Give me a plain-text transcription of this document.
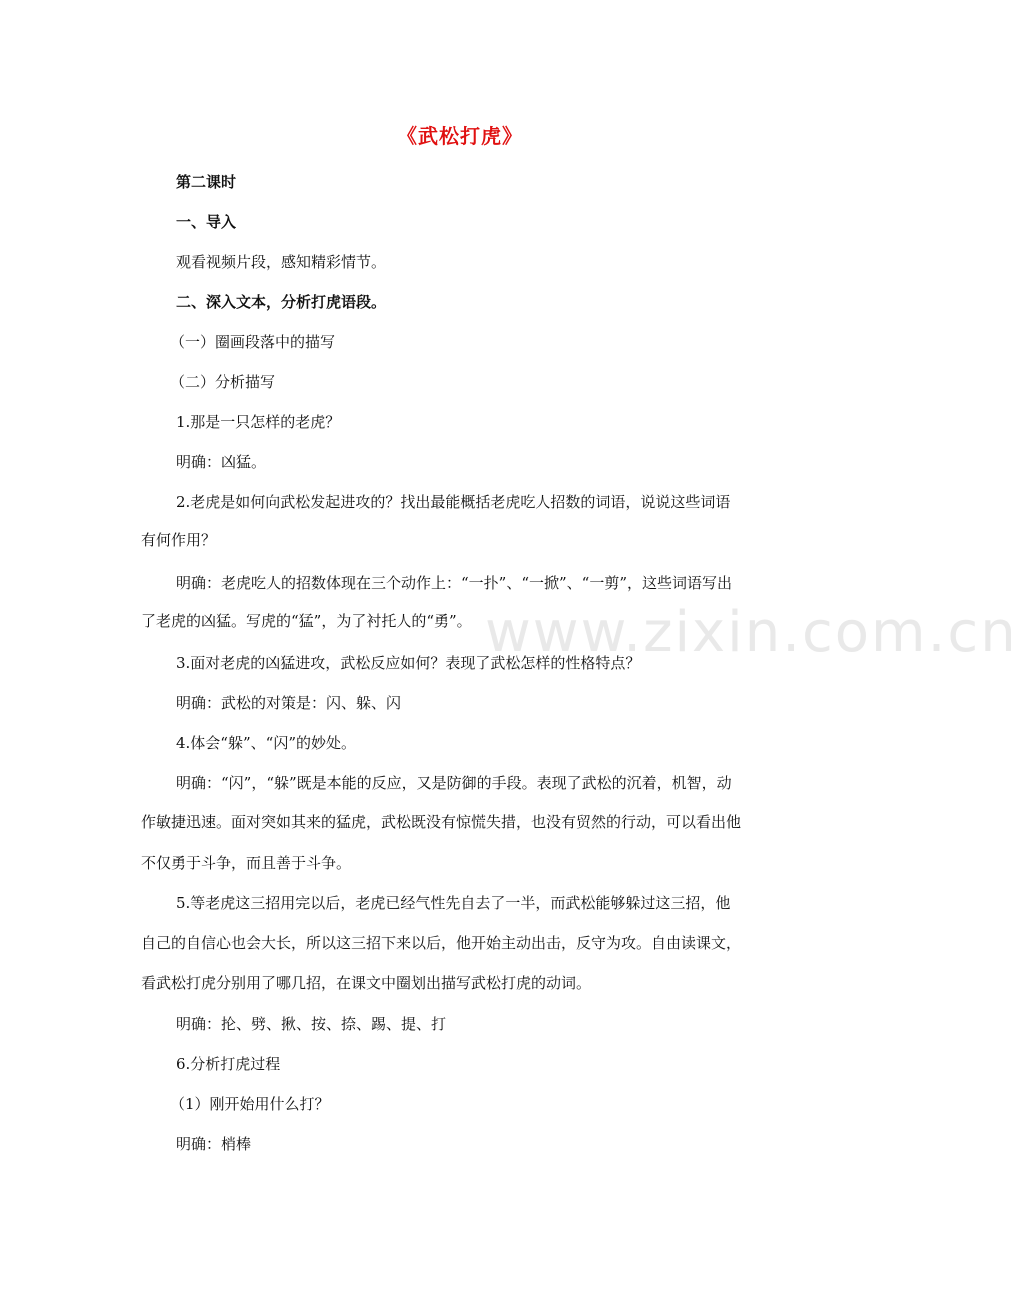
www.zixin.com.cn
《武松打虎》
第二课时
一、导入
观看视频片段，感知精彩情节。
二、深入文本，分析打虎语段。
（一）圈画段落中的描写
（二）分析描写
1.那是一只怎样的老虎？
明确：凶猛。
2.老虎是如何向武松发起进攻的？找出最能概括老虎吃人招数的词语，说说这些词语
有何作用？
明确：老虎吃人的招数体现在三个动作上：“一扑”、“一掀”、“一剪”，这些词语写出
了老虎的凶猛。写虎的“猛”，为了衬托人的“勇”。
3.面对老虎的凶猛进攻，武松反应如何？表现了武松怎样的性格特点？
明确：武松的对策是：闪、躲、闪
4.体会“躲”、“闪”的妙处。
明确：“闪”，“躲”既是本能的反应，又是防御的手段。表现了武松的沉着，机智，动
作敏捷迅速。面对突如其来的猛虎，武松既没有惊慌失措，也没有贸然的行动，可以看出他
不仅勇于斗争，而且善于斗争。
5.等老虎这三招用完以后，老虎已经气性先自去了一半，而武松能够躲过这三招，他
自己的自信心也会大长，所以这三招下来以后，他开始主动出击，反守为攻。自由读课文，
看武松打虎分别用了哪几招，在课文中圈划出描写武松打虎的动词。
明确：抡、劈、揪、按、捺、踢、提、打
6.分析打虎过程
（1）刚开始用什么打？
明确：梢棒
